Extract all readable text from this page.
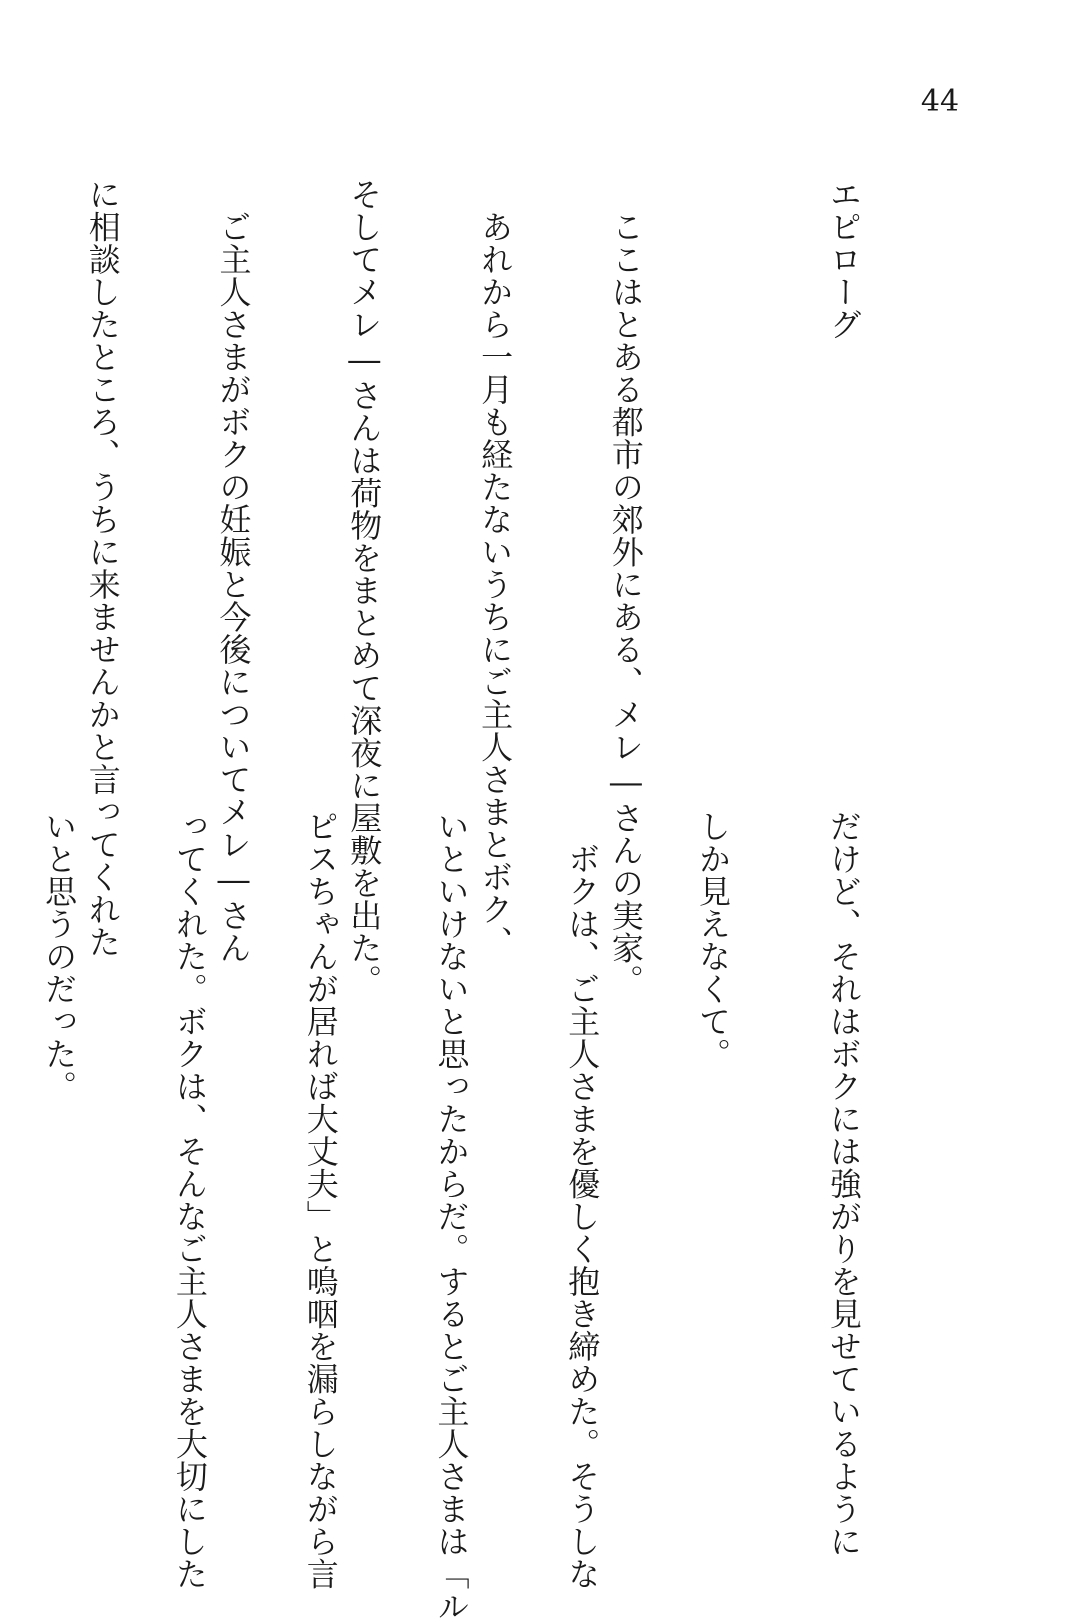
44

エピローグ

　ここはとある都市の郊外にある、メレ―さんの実家。

　あれから一月も経たないうちにご主人さまとボク、

そしてメレ―さんは荷物をまとめて深夜に屋敷を出た。

　ご主人さまがボクの妊娠と今後についてメレ―さん

に相談したところ、うちに来ませんかと言ってくれた

だけど、それはボクには強がりを見せているように

しか見えなくて。

　ボクは、ご主人さまを優しく抱き締めた。そうしな

いといけないと思ったからだ。するとご主人さまは「ル

ピスちゃんが居れば大丈夫」と嗚咽を漏らしながら言

ってくれた。ボクは、そんなご主人さまを大切にした

いと思うのだった。
